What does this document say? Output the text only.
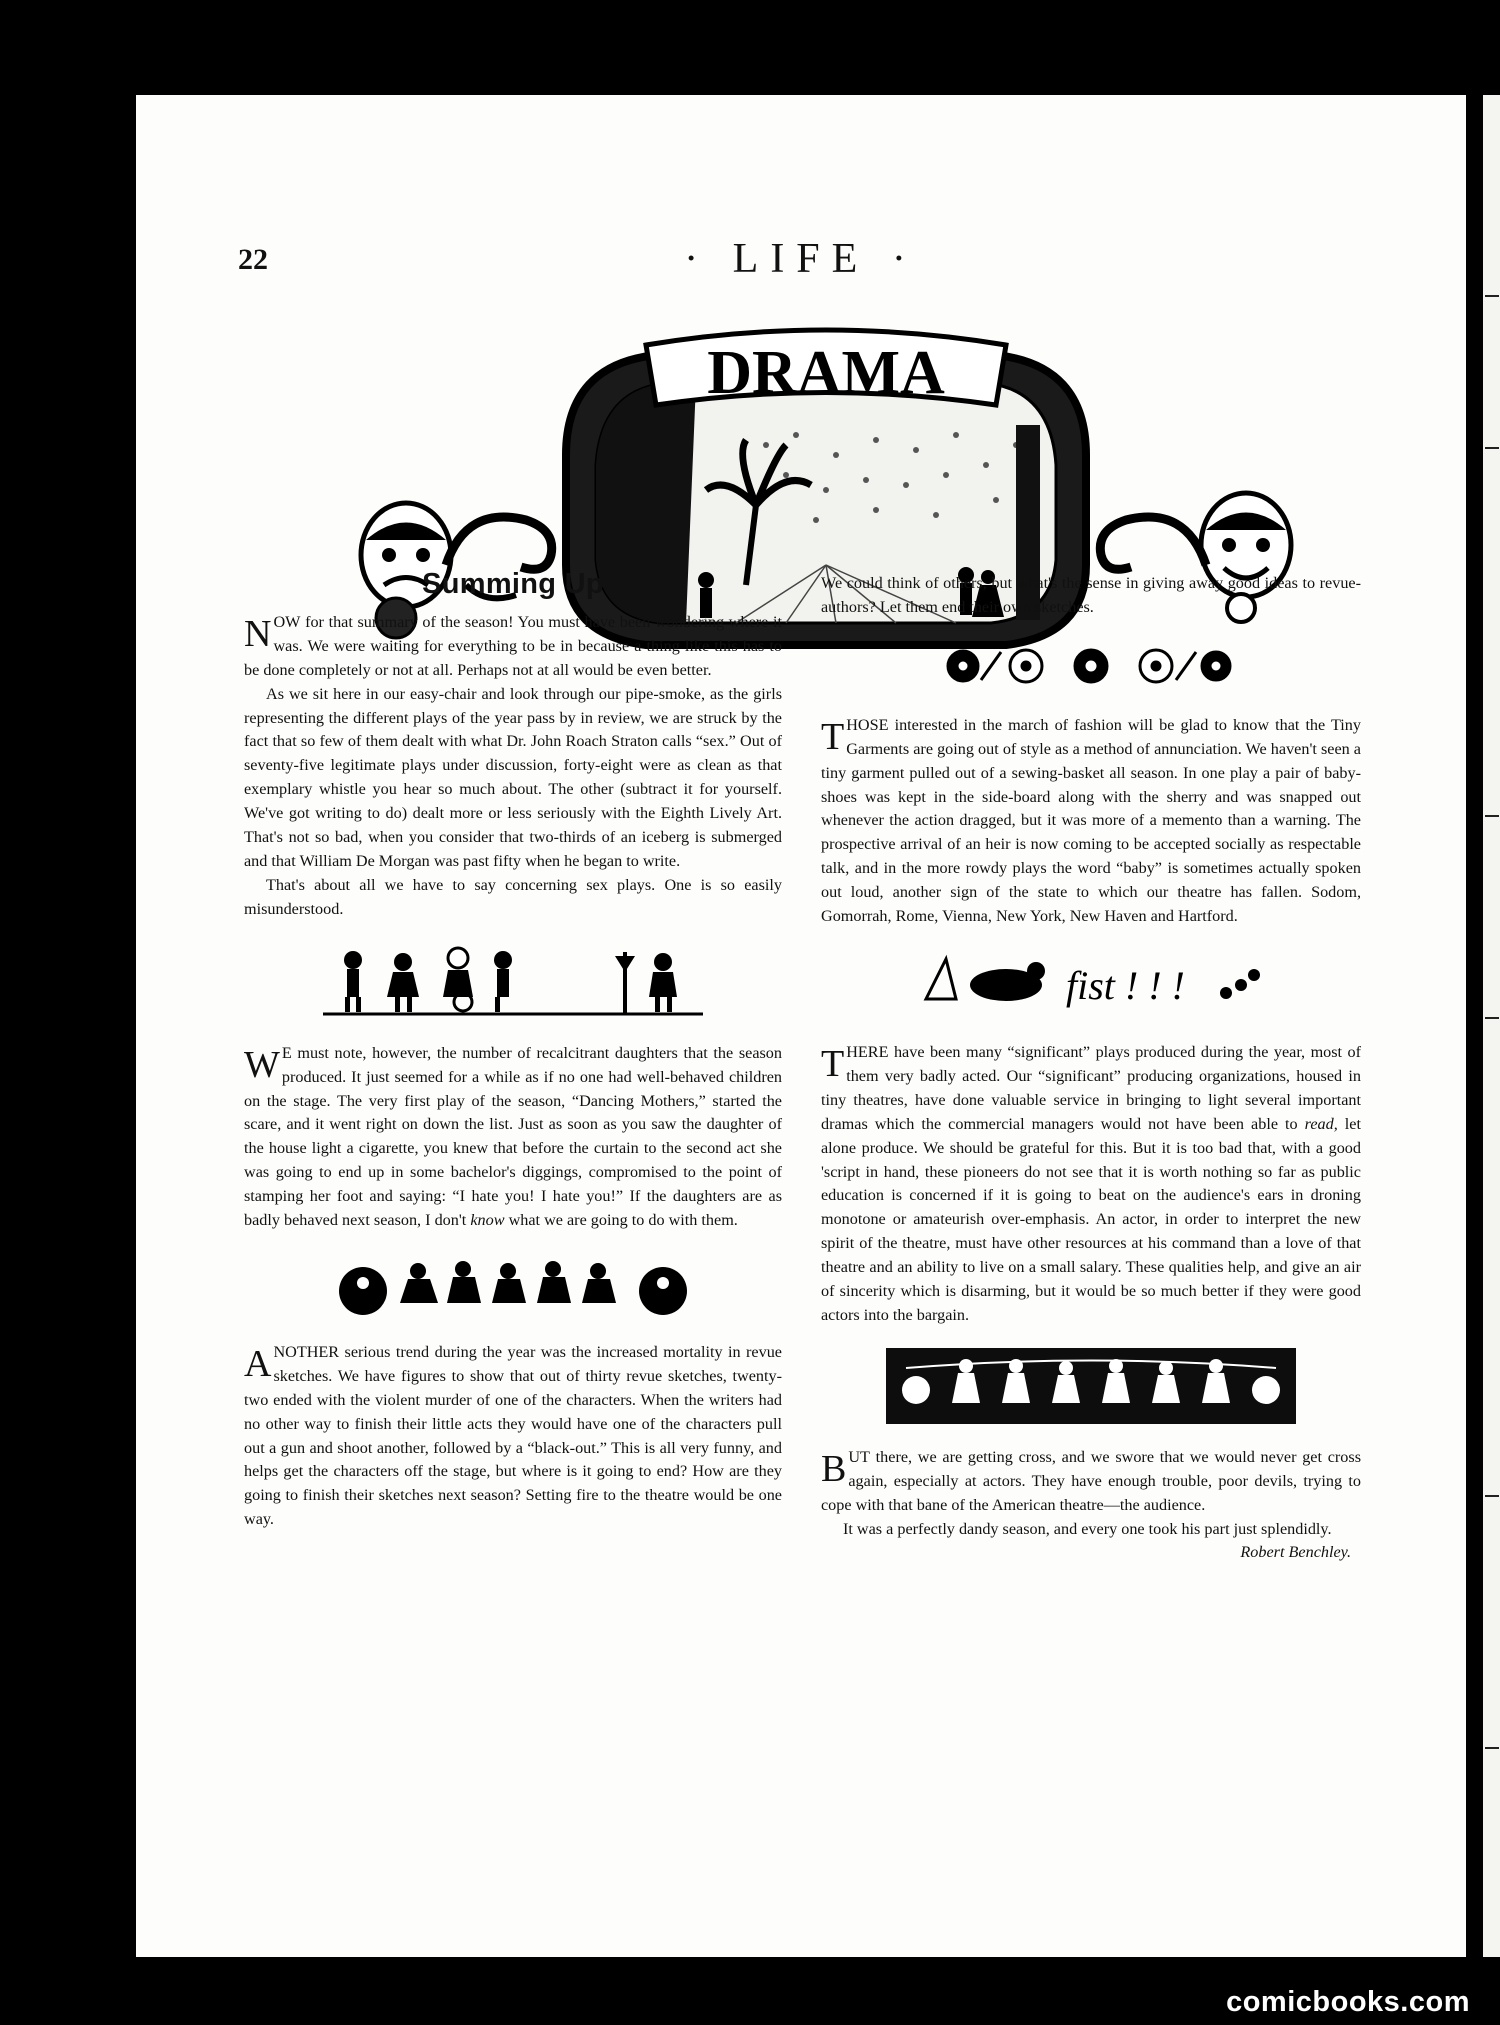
22	· LIFE ·
DRAMA
Summing Up

NOW for that summary of the season! You must have been wondering where it was. We were waiting for everything to be in because a thing like this has to be done completely or not at all. Perhaps not at all would be even better.

As we sit here in our easy-chair and look through our pipe-smoke, as the girls representing the different plays of the year pass by in review, we are struck by the fact that so few of them dealt with what Dr. John Roach Straton calls “sex.” Out of seventy-five legitimate plays under discussion, forty-eight were as clean as that exemplary whistle you hear so much about. The other (subtract it for yourself. We've got writing to do) dealt more or less seriously with the Eighth Lively Art. That's not so bad, when you consider that two-thirds of an iceberg is submerged and that William De Morgan was past fifty when he began to write.

That's about all we have to say concerning sex plays. One is so easily misunderstood.

W E must note, however, the number of recalcitrant daughters that the season produced. It just seemed for a while as if no one had well-behaved children on the stage. The very first play of the season, “Dancing Mothers,” started the scare, and it went right on down the list. Just as soon as you saw the daughter of the house light a cigarette, you knew that before the curtain to the second act she was going to end up in some bachelor's diggings, compromised to the point of stamping her foot and saying: “I hate you! I hate you!” If the daughters are as badly behaved next season, I don't know what we are going to do with them.

ANOTHER serious trend during the year was the increased mortality in revue sketches. We have figures to show that out of thirty revue sketches, twenty-two ended with the violent murder of one of the characters. When the writers had no other way to finish their little acts they would have one of the characters pull out a gun and shoot another, followed by a “black-out.” This is all very funny, and helps get the characters off the stage, but where is it going to end? How are they going to finish their sketches next season? Setting fire to the theatre would be one way.

We could think of others, but what's the sense in giving away good ideas to revue-authors? Let them end their own sketches.

THOSE interested in the march of fashion will be glad to know that the Tiny Garments are going out of style as a method of annunciation. We haven't seen a tiny garment pulled out of a sewing-basket all season. In one play a pair of baby-shoes was kept in the side-board along with the sherry and was snapped out whenever the action dragged, but it was more of a memento than a warning. The prospective arrival of an heir is now coming to be accepted socially as respectable talk, and in the more rowdy plays the word “baby” is sometimes actually spoken out loud, another sign of the state to which our theatre has fallen. Sodom, Gomorrah, Rome, Vienna, New York, New Haven and Hartford.

fist ! ! !

THERE have been many “significant” plays produced during the year, most of them very badly acted. Our “significant” producing organizations, housed in tiny theatres, have done valuable service in bringing to light several important dramas which the commercial managers would not have been able to read, let alone produce. We should be grateful for this. But it is too bad that, with a good 'script in hand, these pioneers do not see that it is worth nothing so far as public education is concerned if it is going to beat on the audience's ears in droning monotone or amateurish over-emphasis. An actor, in order to interpret the new spirit of the theatre, must have other resources at his command than a love of that theatre and an ability to live on a small salary. These qualities help, and give an air of sincerity which is disarming, but it would be so much better if they were good actors into the bargain.

BUT there, we are getting cross, and we swore that we would never get cross again, especially at actors. They have enough trouble, poor devils, trying to cope with that bane of the American theatre—the audience.

It was a perfectly dandy season, and every one took his part just splendidly.

Robert Benchley.

comicbooks.com
